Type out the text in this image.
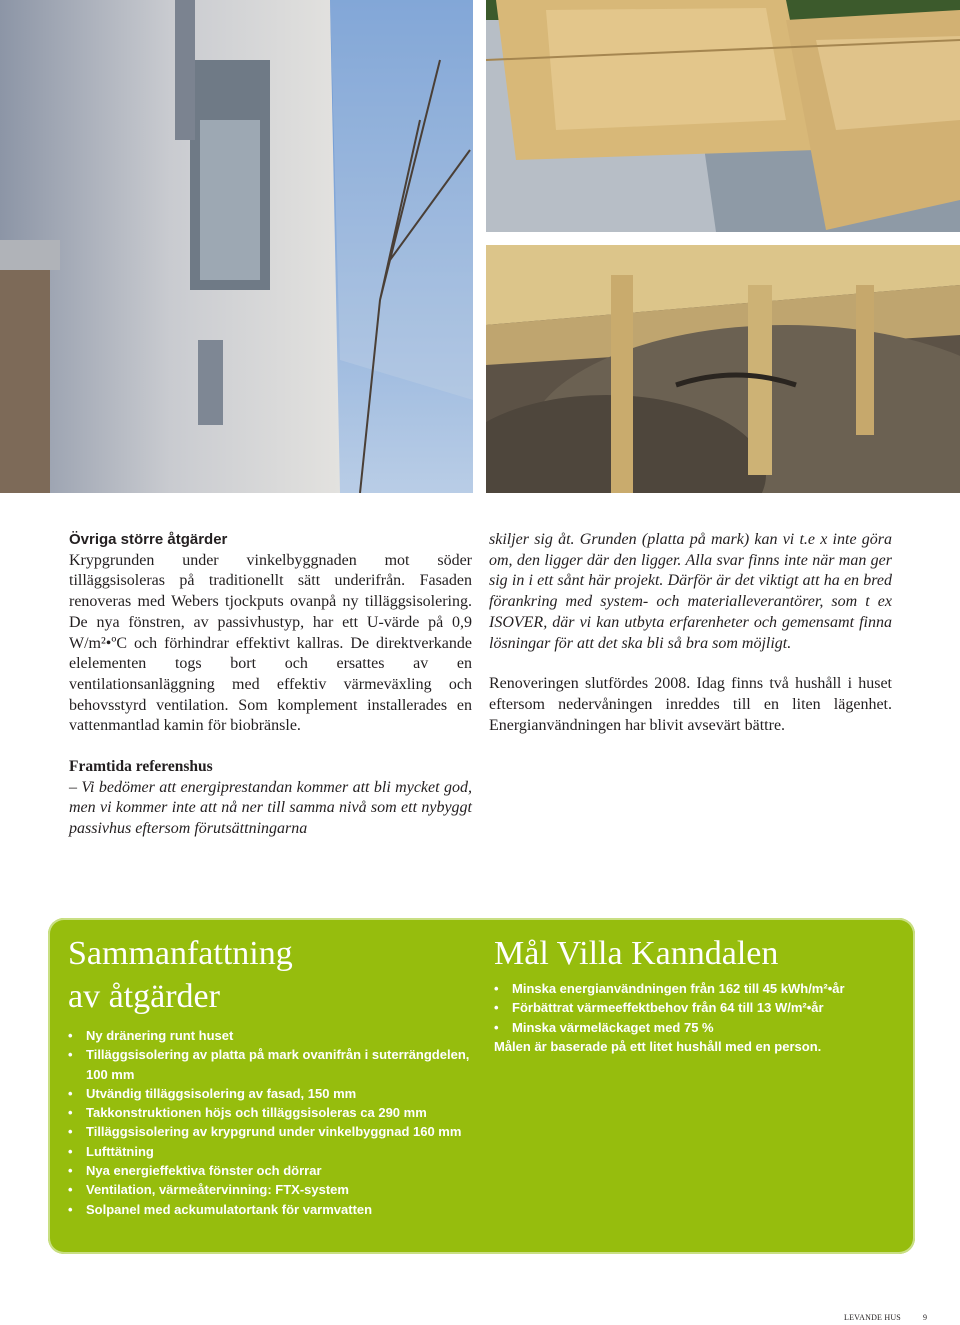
Övriga större åtgärder

Krypgrunden under vinkelbyggnaden mot söder tilläggsisoleras på traditionellt sätt underifrån. Fasaden renoveras med Webers tjockputs ovanpå ny tilläggsisolering. De nya fönstren, av passivhustyp, har ett U-värde på 0,9 W/m²•ºC och förhindrar effektivt kallras. De direktverkande elelementen togs bort och ersattes av en ventilationsanläggning med effektiv värmeväxling och behovsstyrd ventilation. Som komplement installerades en vattenmantlad kamin för biobränsle.

Framtida referenshus

– Vi bedömer att energiprestandan kommer att bli mycket god, men vi kommer inte att nå ner till samma nivå som ett nybyggt passivhus eftersom förutsättningarna

skiljer sig åt. Grunden (platta på mark) kan vi t.e x inte göra om, den ligger där den ligger. Alla svar finns inte när man ger sig in i ett sånt här projekt. Därför är det viktigt att ha en bred förankring med system- och materialleverantörer, som t ex ISOVER, där vi kan utbyta erfarenheter och gemensamt finna lösningar för att det ska bli så bra som möjligt.

Renoveringen slutfördes 2008. Idag finns två hushåll i huset eftersom nedervåningen inreddes till en liten lägenhet. Energianvändningen har blivit avsevärt bättre.

Sammanfattning
av åtgärder
• Ny dränering runt huset
• Tilläggsisolering av platta på mark ovanifrån i suterrängdelen, 100 mm
• Utvändig tilläggsisolering av fasad, 150 mm
• Takkonstruktionen höjs och tilläggsisoleras ca 290 mm
• Tilläggsisolering av krypgrund under vinkelbyggnad 160 mm
• Lufttätning
• Nya energieffektiva fönster och dörrar
• Ventilation, värmeåtervinning: FTX-system
• Solpanel med ackumulatortank för varmvatten
Mål Villa Kanndalen
• Minska energianvändningen från 162 till 45 kWh/m²•år
• Förbättrat värmeeffektbehov från 64 till 13 W/m²•år
• Minska värmeläckaget med 75 %

Målen är baserade på ett litet hushåll med en person.

LEVANDE HUS	9
